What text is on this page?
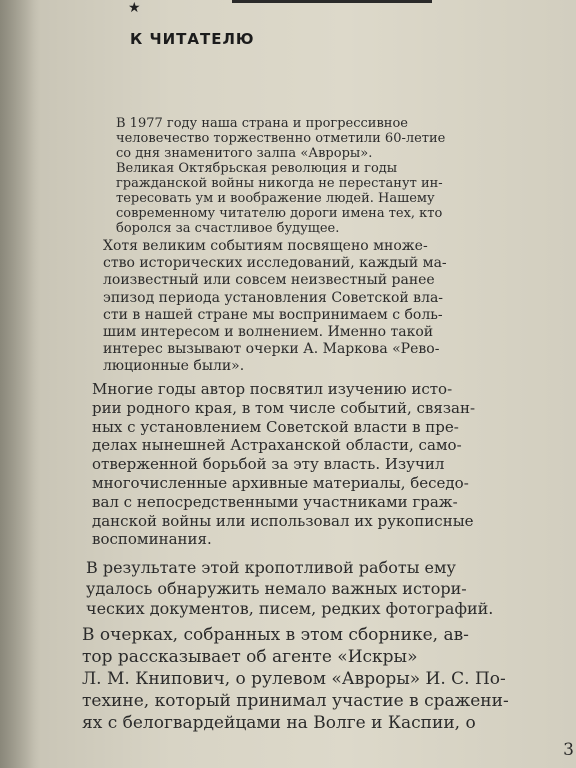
★
К ЧИТАТЕЛЮ
В 1977 году наша страна и прогрессивное
человечество торжественно отметили 60-летие
со дня знаменитого залпа «Авроры».
Великая Октябрьская революция и годы
гражданской войны никогда не перестанут ин-
тересовать ум и воображение людей. Нашему
современному читателю дороги имена тех, кто
боролся за счастливое будущее.
Хотя великим событиям посвящено множе-
ство исторических исследований, каждый ма-
лоизвестный или совсем неизвестный ранее
эпизод периода установления Советской вла-
сти в нашей стране мы воспринимаем с боль-
шим интересом и волнением. Именно такой
интерес вызывают очерки А. Маркова «Рево-
люционные были».
Многие годы автор посвятил изучению исто-
рии родного края, в том числе событий, связан-
ных с установлением Советской власти в пре-
делах нынешней Астраханской области, само-
отверженной борьбой за эту власть. Изучил
многочисленные архивные материалы, беседо-
вал с непосредственными участниками граж-
данской войны или использовал их рукописные
воспоминания.
В результате этой кропотливой работы ему
удалось обнаружить немало важных истори-
ческих документов, писем, редких фотографий.
В очерках, собранных в этом сборнике, ав-
тор рассказывает об агенте «Искры»
Л. М. Книпович, о рулевом «Авроры» И. С. По-
техине, который принимал участие в сражени-
ях с белогвардейцами на Волге и Каспии, о
3
